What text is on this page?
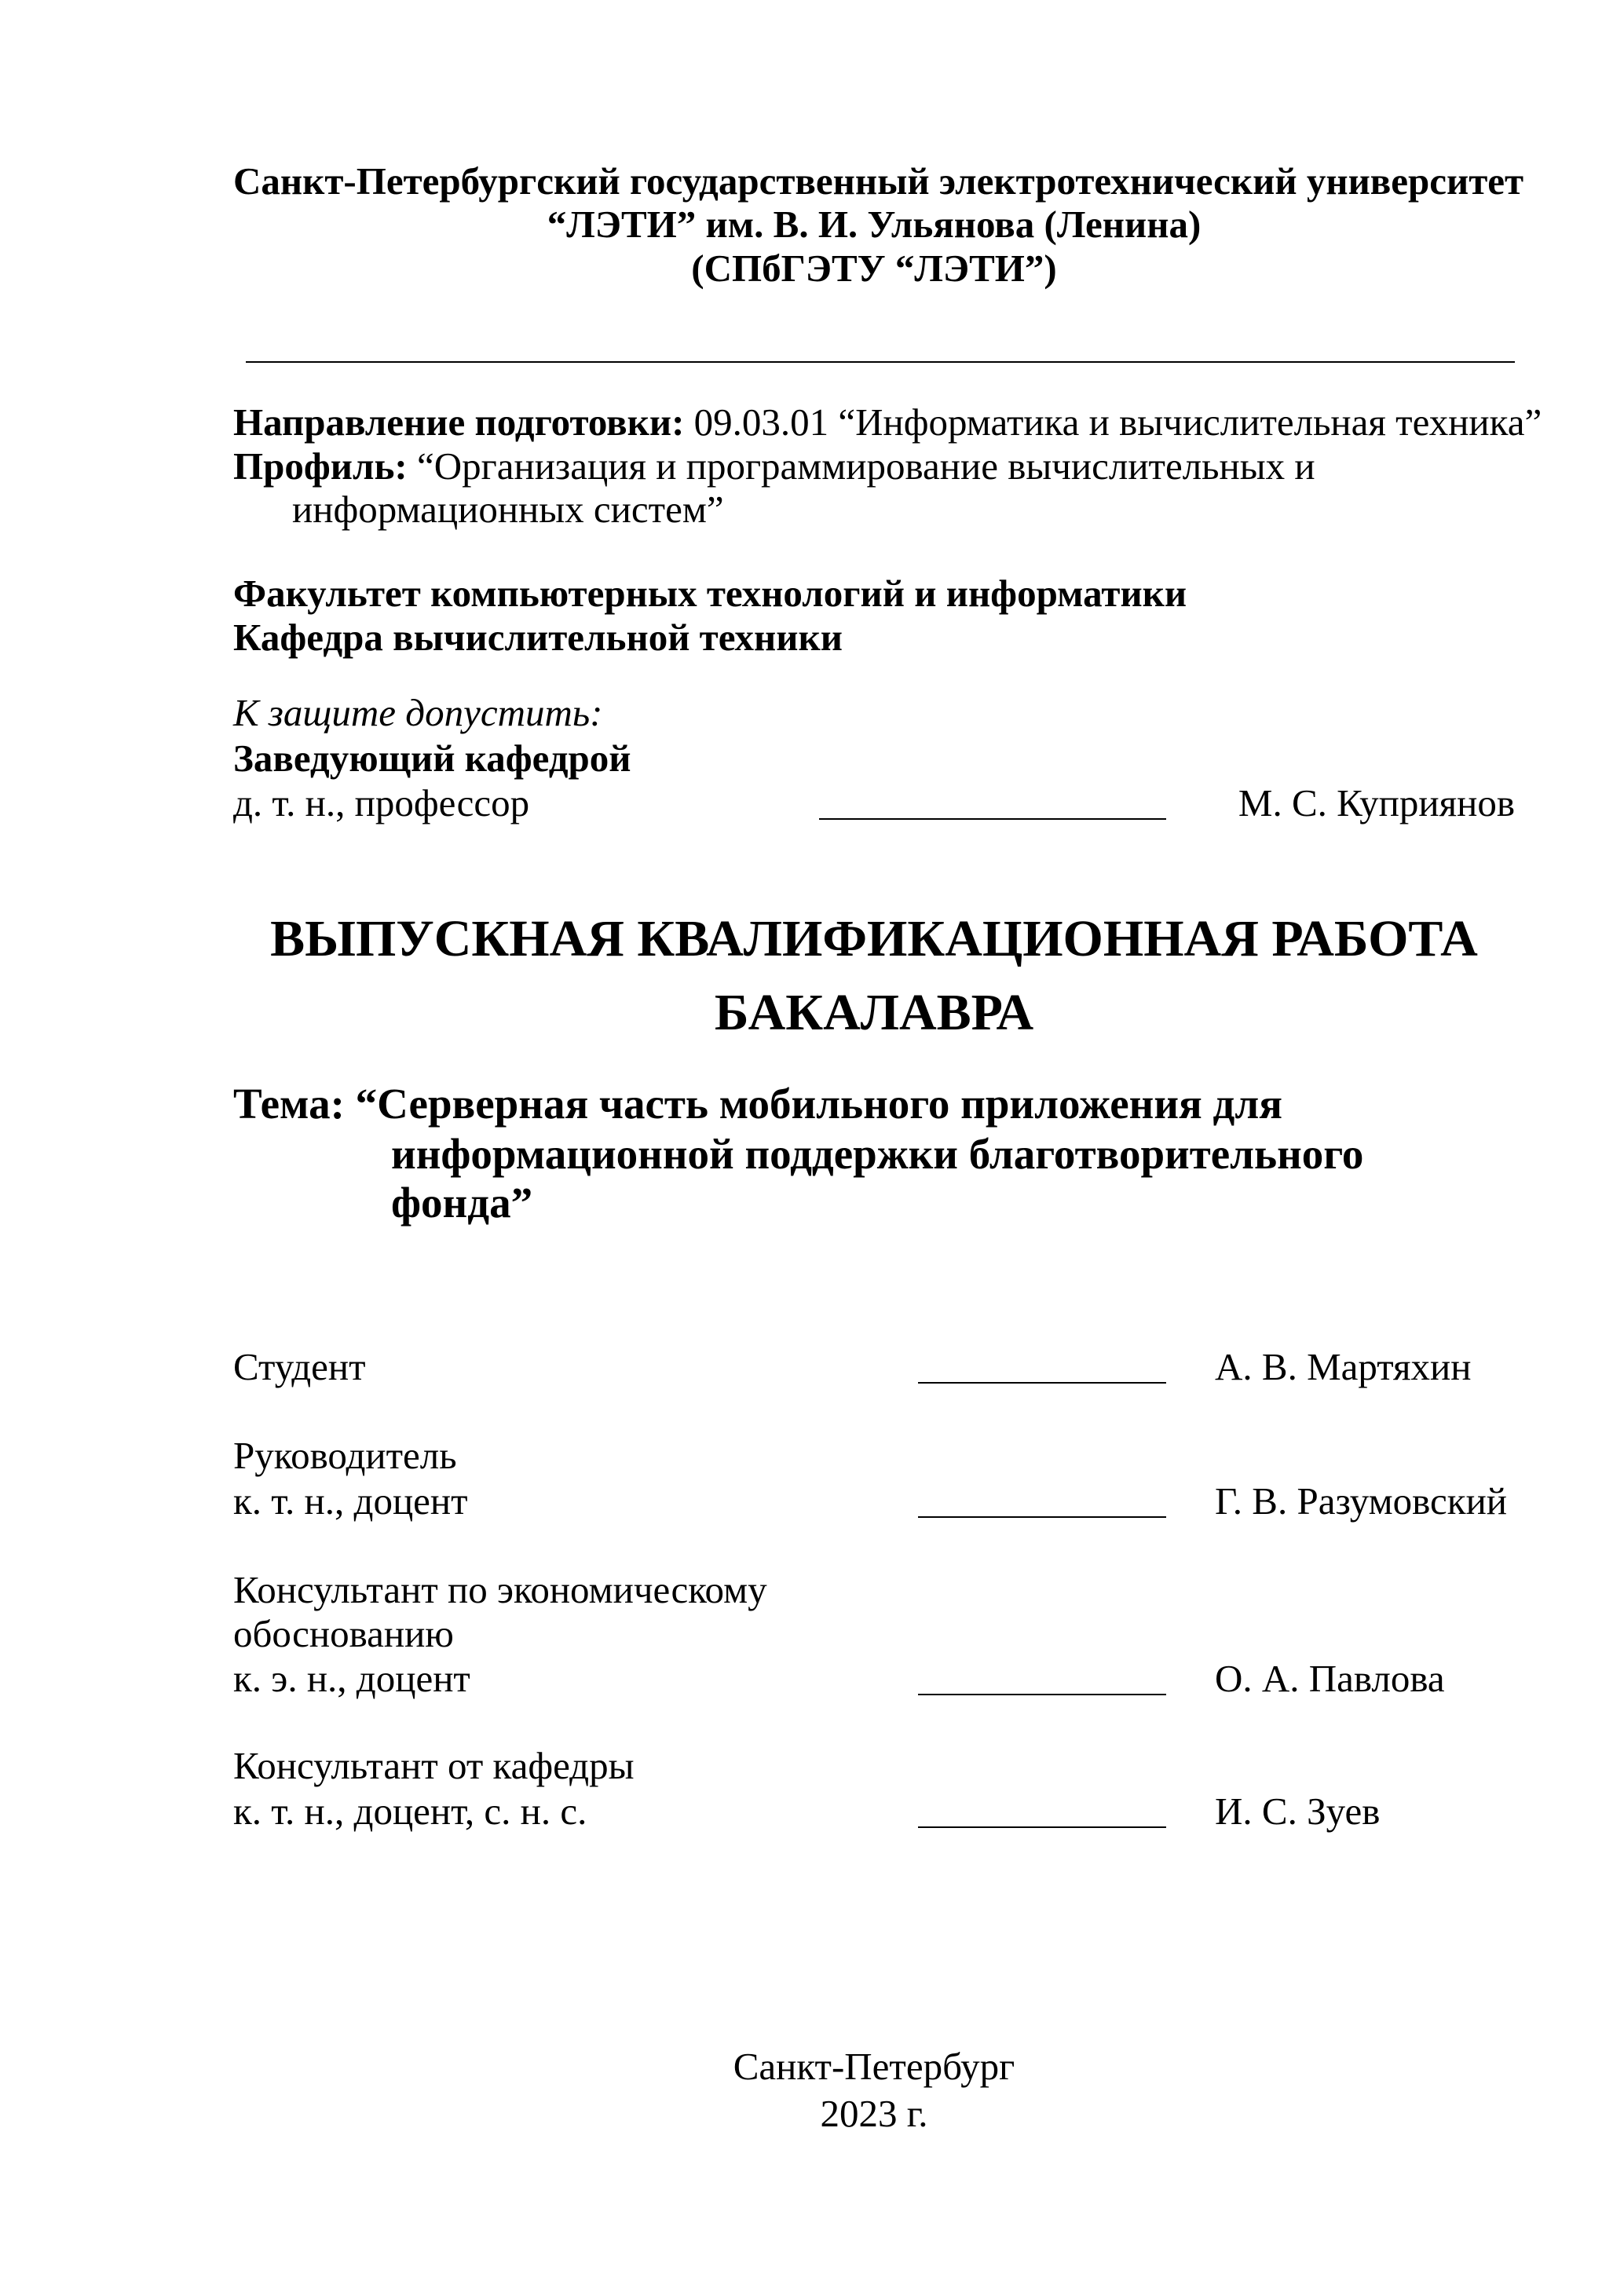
Санкт-Петербургский государственный электротехнический университет
“ЛЭТИ” им. В. И. Ульянова (Ленина)
(СПбГЭТУ “ЛЭТИ”)
Направление подготовки: 09.03.01 “Информатика и вычислительная техника”
Профиль: “Организация и программирование вычислительных и
информационных систем”
Факультет компьютерных технологий и информатики
Кафедра вычислительной техники
К защите допустить:
Заведующий кафедрой
д. т. н., профессор	М. С. Куприянов
ВЫПУСКНАЯ КВАЛИФИКАЦИОННАЯ РАБОТА
БАКАЛАВРА
Тема: “Серверная часть мобильного приложения для
информационной поддержки благотворительного
фонда”
Студент	А. В. Мартяхин
Руководитель
к. т. н., доцент	Г. В. Разумовский
Консультант по экономическому
обоснованию
к. э. н., доцент	О. А. Павлова
Консультант от кафедры
к. т. н., доцент, с. н. с.	И. С. Зуев
Санкт-Петербург
2023 г.
